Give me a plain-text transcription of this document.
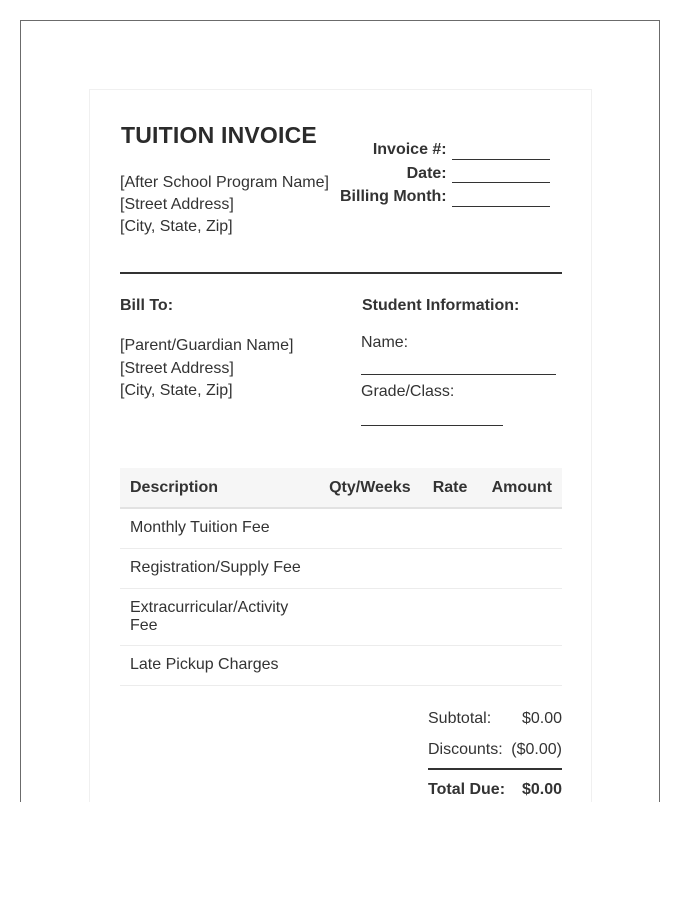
TUITION INVOICE
[After School Program Name]
[Street Address]
[City, State, Zip]
Invoice #:	
Date:	
Billing Month:	
Bill To:	Student Information:
[Parent/Guardian Name]
[Street Address]
[City, State, Zip]
Name:
Grade/Class:
Description	Qty/Weeks	Rate	Amount

Monthly Tuition Fee			

Registration/Supply Fee			

Extracurricular/Activity Fee			

Late Pickup Charges			

Subtotal: $0.00
Discounts: ($0.00)
Total Due: $0.00
